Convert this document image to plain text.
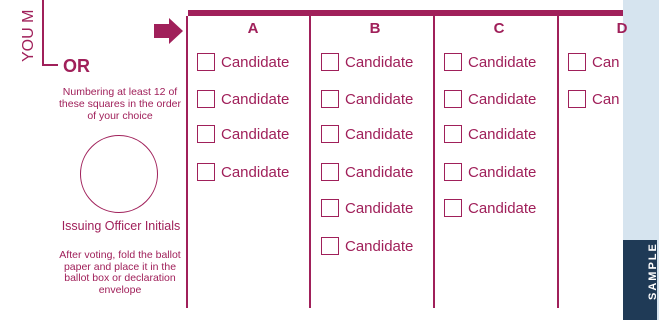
YOU M
OR
Numbering at least 12 of these squares in the order of your choice
Issuing Officer Initials
After voting, fold the ballot paper and place it in the ballot box or declaration envelope
A
Candidate
Candidate
Candidate
Candidate
B
Candidate
Candidate
Candidate
Candidate
Candidate
Candidate
C
Candidate
Candidate
Candidate
Candidate
Candidate
D
Can
Can
SAMPLE
